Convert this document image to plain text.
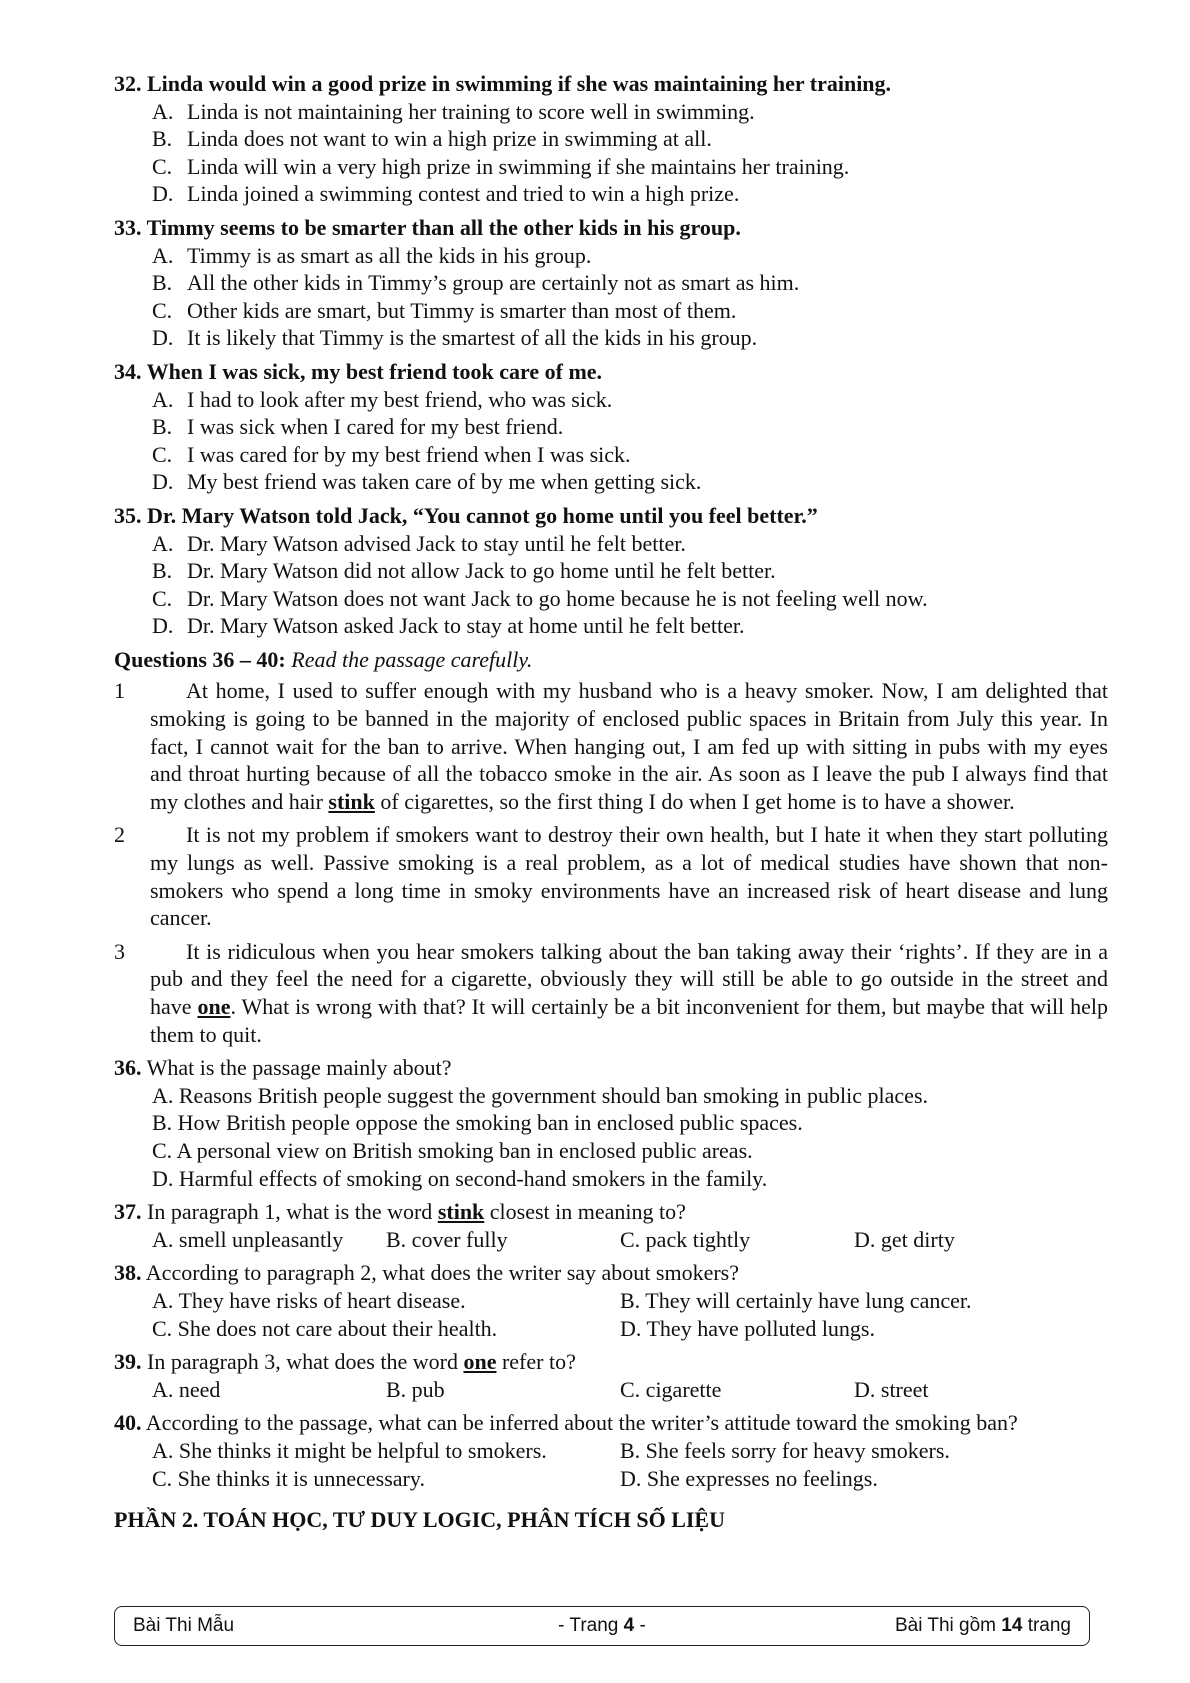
32. Linda would win a good prize in swimming if she was maintaining her training.
A. Linda is not maintaining her training to score well in swimming.
B. Linda does not want to win a high prize in swimming at all.
C. Linda will win a very high prize in swimming if she maintains her training.
D. Linda joined a swimming contest and tried to win a high prize.
33. Timmy seems to be smarter than all the other kids in his group.
A. Timmy is as smart as all the kids in his group.
B. All the other kids in Timmy’s group are certainly not as smart as him.
C. Other kids are smart, but Timmy is smarter than most of them.
D. It is likely that Timmy is the smartest of all the kids in his group.
34. When I was sick, my best friend took care of me.
A. I had to look after my best friend, who was sick.
B. I was sick when I cared for my best friend.
C. I was cared for by my best friend when I was sick.
D. My best friend was taken care of by me when getting sick.
35. Dr. Mary Watson told Jack, “You cannot go home until you feel better.”
A. Dr. Mary Watson advised Jack to stay until he felt better.
B. Dr. Mary Watson did not allow Jack to go home until he felt better.
C. Dr. Mary Watson does not want Jack to go home because he is not feeling well now.
D. Dr. Mary Watson asked Jack to stay at home until he felt better.
Questions 36 – 40: Read the passage carefully.
1	At home, I used to suffer enough with my husband who is a heavy smoker. Now, I am delighted that smoking is going to be banned in the majority of enclosed public spaces in Britain from July this year. In fact, I cannot wait for the ban to arrive. When hanging out, I am fed up with sitting in pubs with my eyes and throat hurting because of all the tobacco smoke in the air. As soon as I leave the pub I always find that my clothes and hair stink of cigarettes, so the first thing I do when I get home is to have a shower.
2	It is not my problem if smokers want to destroy their own health, but I hate it when they start polluting my lungs as well. Passive smoking is a real problem, as a lot of medical studies have shown that non-smokers who spend a long time in smoky environments have an increased risk of heart disease and lung cancer.
3	It is ridiculous when you hear smokers talking about the ban taking away their ‘rights’. If they are in a pub and they feel the need for a cigarette, obviously they will still be able to go outside in the street and have one. What is wrong with that? It will certainly be a bit inconvenient for them, but maybe that will help them to quit.
36. What is the passage mainly about?
A. Reasons British people suggest the government should ban smoking in public places.
B. How British people oppose the smoking ban in enclosed public spaces.
C. A personal view on British smoking ban in enclosed public areas.
D. Harmful effects of smoking on second-hand smokers in the family.
37. In paragraph 1, what is the word stink closest in meaning to?
A. smell unpleasantly	B. cover fully	C. pack tightly	D. get dirty
38. According to paragraph 2, what does the writer say about smokers?
A. They have risks of heart disease.	B. They will certainly have lung cancer.
C. She does not care about their health.	D. They have polluted lungs.
39. In paragraph 3, what does the word one refer to?
A. need	B. pub	C. cigarette	D. street
40. According to the passage, what can be inferred about the writer’s attitude toward the smoking ban?
A. She thinks it might be helpful to smokers.	B. She feels sorry for heavy smokers.
C. She thinks it is unnecessary.	D. She expresses no feelings.
PHẦN 2. TOÁN HỌC, TƯ DUY LOGIC, PHÂN TÍCH SỐ LIỆU
Bài Thi Mẫu	- Trang 4 -	Bài Thi gồm 14 trang
